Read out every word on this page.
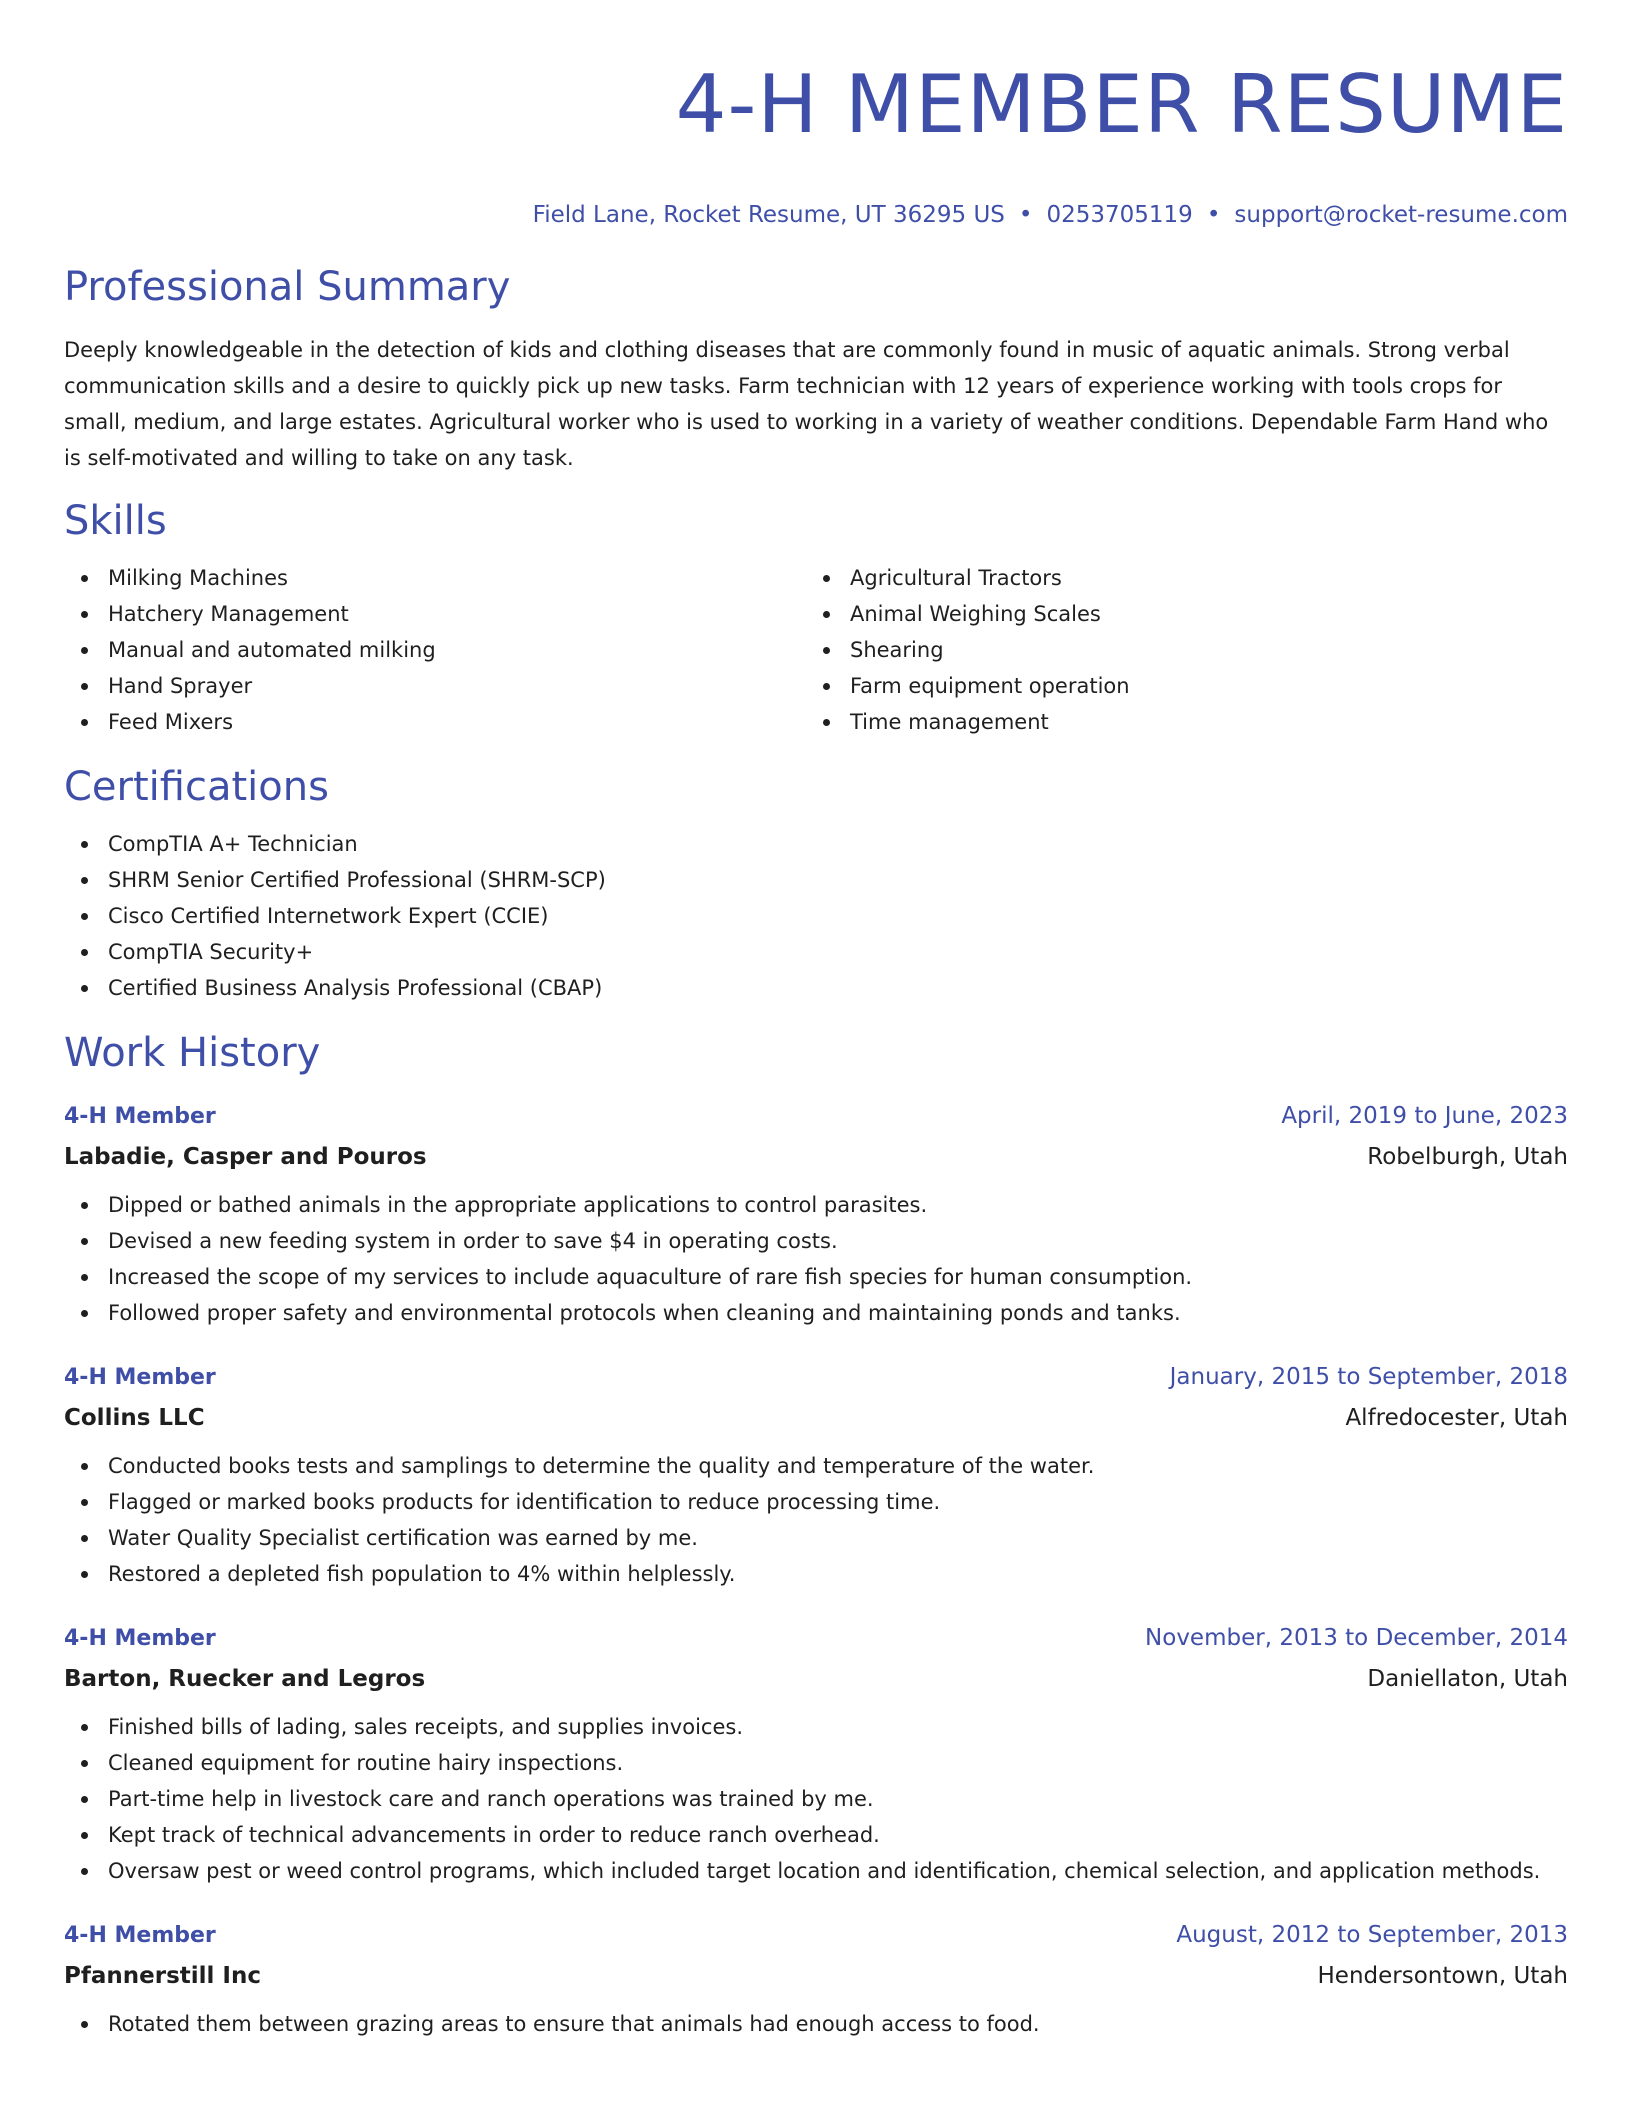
4-H MEMBER RESUME
Field Lane, Rocket Resume, UT 36295 US • 0253705119 • support@rocket-resume.com
Professional Summary

Deeply knowledgeable in the detection of kids and clothing diseases that are commonly found in music of aquatic animals. Strong verbal communication skills and a desire to quickly pick up new tasks. Farm technician with 12 years of experience working with tools crops for small, medium, and large estates. Agricultural worker who is used to working in a variety of weather conditions. Dependable Farm Hand who is self-motivated and willing to take on any task.

Skills
Milking Machines
Hatchery Management
Manual and automated milking
Hand Sprayer
Feed Mixers
Agricultural Tractors
Animal Weighing Scales
Shearing
Farm equipment operation
Time management
Certifications
CompTIA A+ Technician
SHRM Senior Certified Professional (SHRM-SCP)
Cisco Certified Internetwork Expert (CCIE)
CompTIA Security+
Certified Business Analysis Professional (CBAP)
Work History
4-H Member	April, 2019 to June, 2023
Labadie, Casper and Pouros	Robelburgh, Utah
Dipped or bathed animals in the appropriate applications to control parasites.
Devised a new feeding system in order to save $4 in operating costs.
Increased the scope of my services to include aquaculture of rare fish species for human consumption.
Followed proper safety and environmental protocols when cleaning and maintaining ponds and tanks.
4-H Member	January, 2015 to September, 2018
Collins LLC	Alfredocester, Utah
Conducted books tests and samplings to determine the quality and temperature of the water.
Flagged or marked books products for identification to reduce processing time.
Water Quality Specialist certification was earned by me.
Restored a depleted fish population to 4% within helplessly.
4-H Member	November, 2013 to December, 2014
Barton, Ruecker and Legros	Daniellaton, Utah
Finished bills of lading, sales receipts, and supplies invoices.
Cleaned equipment for routine hairy inspections.
Part-time help in livestock care and ranch operations was trained by me.
Kept track of technical advancements in order to reduce ranch overhead.
Oversaw pest or weed control programs, which included target location and identification, chemical selection, and application methods.
4-H Member	August, 2012 to September, 2013
Pfannerstill Inc	Hendersontown, Utah
Rotated them between grazing areas to ensure that animals had enough access to food.
